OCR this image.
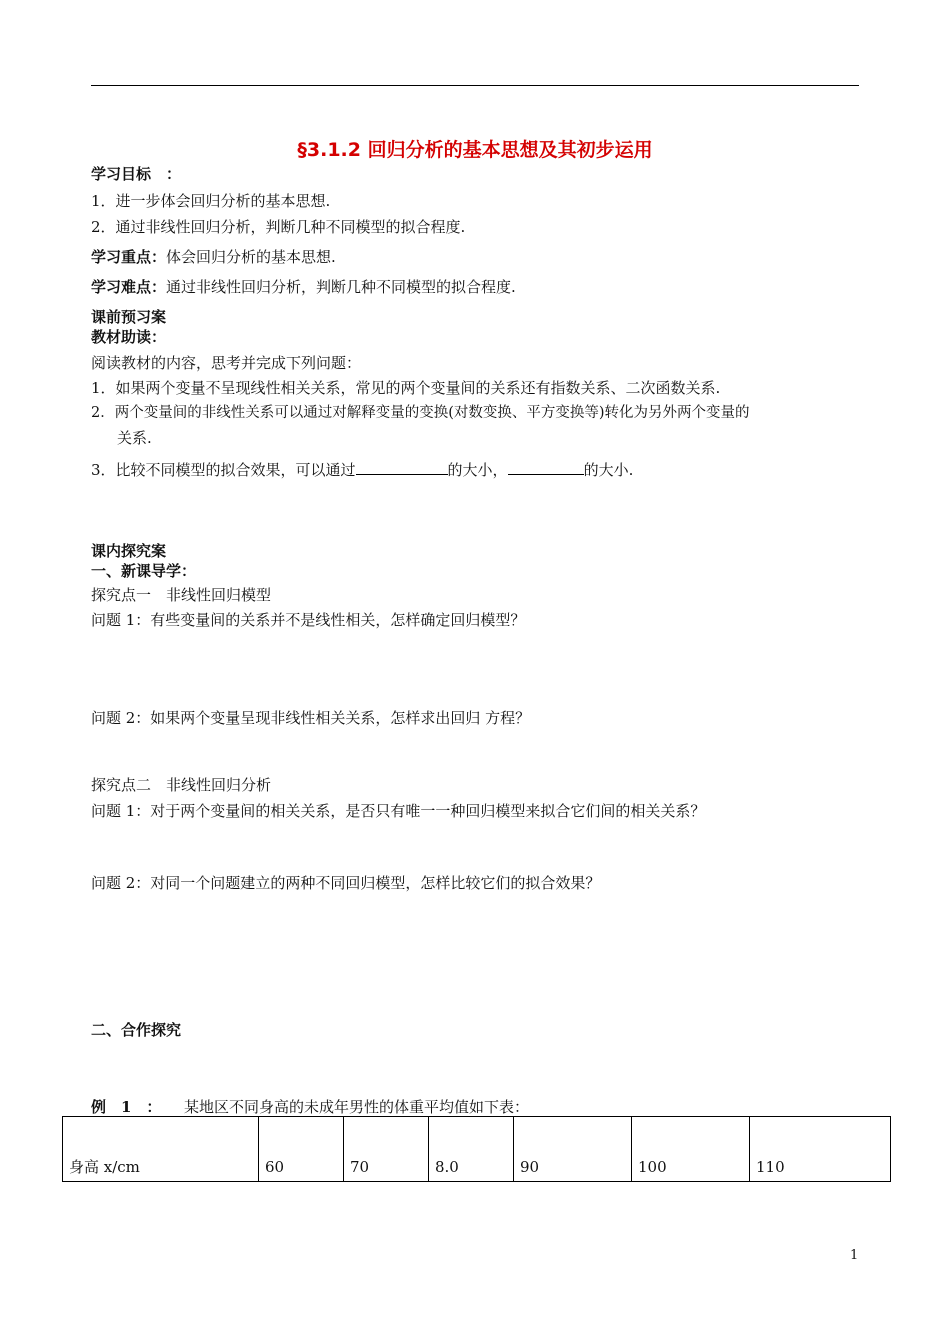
§3.1.2 回归分析的基本思想及其初步运用
学习目标　：
1．进一步体会回归分析的基本思想.
2．通过非线性回归分析，判断几种不同模型的拟合程度.
学习重点：体会回归分析的基本思想.
学习难点：通过非线性回归分析，判断几种不同模型的拟合程度.
课前预习案
教材助读：
阅读教材的内容，思考并完成下列问题：
1．如果两个变量不呈现线性相关关系，常见的两个变量间的关系还有指数关系、二次函数关系.
2．两个变量间的非线性关系可以通过对解释变量的变换(对数变换、平方变换等)转化为另外两个变量的
关系.
3．比较不同模型的拟合效果，可以通过	的大小，	的大小.
课内探究案
一、新课导学：
探究点一　非线性回归模型
问题 1：有些变量间的关系并不是线性相关，怎样确定回归模型？
问题 2：如果两个变量呈现非线性相关关系，怎样求出回归 方程？
探究点二　非线性回归分析
问题 1：对于两个变量间的相关关系，是否只有唯一一种回归模型来拟合它们间的相关关系？
问题 2：对同一个问题建立的两种不同回归模型，怎样比较它们的拟合效果？
二、合作探究
例　1　： 某地区不同身高的未成年男性的体重平均值如下表：
身高 x/cm	60	70	8.0	90	100	110
1
